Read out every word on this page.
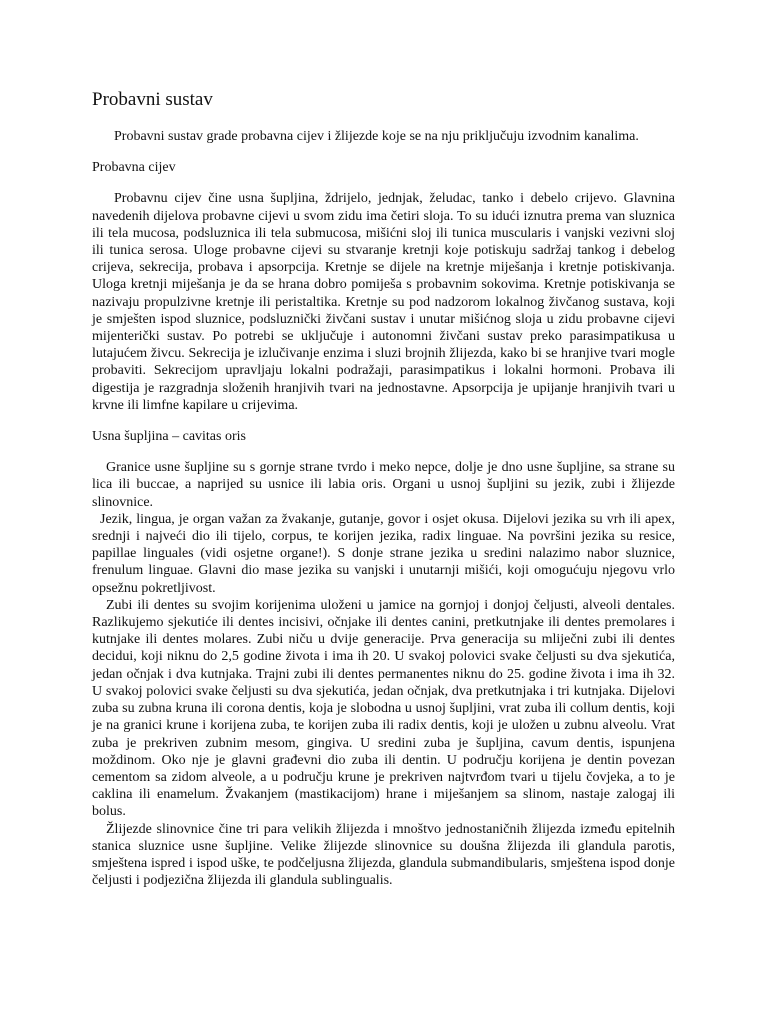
Probavni sustav

Probavni sustav grade probavna cijev i žlijezde koje se na nju priključuju izvodnim kanalima.

Probavna cijev

Probavnu cijev čine usna šupljina, ždrijelo, jednjak, želudac, tanko i debelo crijevo. Glavnina navedenih dijelova probavne cijevi u svom zidu ima četiri sloja. To su idući iznutra prema van sluznica ili tela mucosa, podsluznica ili tela submucosa, mišićni sloj ili tunica muscularis i vanjski vezivni sloj ili tunica serosa. Uloge probavne cijevi su stvaranje kretnji koje potiskuju sadržaj tankog i debelog crijeva, sekrecija, probava i apsorpcija. Kretnje se dijele na kretnje miješanja i kretnje potiskivanja. Uloga kretnji miješanja je da se hrana dobro pomiješa s probavnim sokovima. Kretnje potiskivanja se nazivaju propulzivne kretnje ili peristaltika. Kretnje su pod nadzorom lokalnog živčanog sustava, koji je smješten ispod sluznice, podsluznički živčani sustav i unutar mišićnog sloja u zidu probavne cijevi mijenterički sustav. Po potrebi se uključuje i autonomni živčani sustav preko parasimpatikusa u lutajućem živcu. Sekrecija je izlučivanje enzima i sluzi brojnih žlijezda, kako bi se hranjive tvari mogle probaviti. Sekrecijom upravljaju lokalni podražaji, parasimpatikus i lokalni hormoni. Probava ili digestija je razgradnja složenih hranjivih tvari na jednostavne. Apsorpcija je upijanje hranjivih tvari u krvne ili limfne kapilare u crijevima.

Usna šupljina – cavitas oris

Granice usne šupljine su s gornje strane tvrdo i meko nepce, dolje je dno usne šupljine, sa strane su lica ili buccae, a naprijed su usnice ili labia oris. Organi u usnoj šupljini su jezik, zubi i žlijezde slinovnice.

Jezik, lingua, je organ važan za žvakanje, gutanje, govor i osjet okusa. Dijelovi jezika su vrh ili apex, srednji i najveći dio ili tijelo, corpus, te korijen jezika, radix linguae. Na površini jezika su resice, papillae linguales (vidi osjetne organe!). S donje strane jezika u sredini nalazimo nabor sluznice, frenulum linguae. Glavni dio mase jezika su vanjski i unutarnji mišići, koji omogućuju njegovu vrlo opsežnu pokretljivost.

Zubi ili dentes su svojim korijenima uloženi u jamice na gornjoj i donjoj čeljusti, alveoli dentales. Razlikujemo sjekutiće ili dentes incisivi, očnjake ili dentes canini, pretkutnjake ili dentes premolares i kutnjake ili dentes molares. Zubi niču u dvije generacije. Prva generacija su mliječni zubi ili dentes decidui, koji niknu do 2,5 godine života i ima ih 20. U svakoj polovici svake čeljusti su dva sjekutića, jedan očnjak i dva kutnjaka. Trajni zubi ili dentes permanentes niknu do 25. godine života i ima ih 32. U svakoj polovici svake čeljusti su dva sjekutića, jedan očnjak, dva pretkutnjaka i tri kutnjaka. Dijelovi zuba su zubna kruna ili corona dentis, koja je slobodna u usnoj šupljini, vrat zuba ili collum dentis, koji je na granici krune i korijena zuba, te korijen zuba ili radix dentis, koji je uložen u zubnu alveolu. Vrat zuba je prekriven zubnim mesom, gingiva. U sredini zuba je šupljina, cavum dentis, ispunjena moždinom. Oko nje je glavni građevni dio zuba ili dentin. U području korijena je dentin povezan cementom sa zidom alveole, a u području krune je prekriven najtvrđom tvari u tijelu čovjeka, a to je caklina ili enamelum. Žvakanjem (mastikacijom) hrane i miješanjem sa slinom, nastaje zalogaj ili bolus.

Žlijezde slinovnice čine tri para velikih žlijezda i mnoštvo jednostaničnih žlijezda između epitelnih stanica sluznice usne šupljine. Velike žlijezde slinovnice su doušna žlijezda ili glandula parotis, smještena ispred i ispod uške, te podčeljusna žlijezda, glandula submandibularis, smještena ispod donje čeljusti i podjezična žlijezda ili glandula sublingualis.
